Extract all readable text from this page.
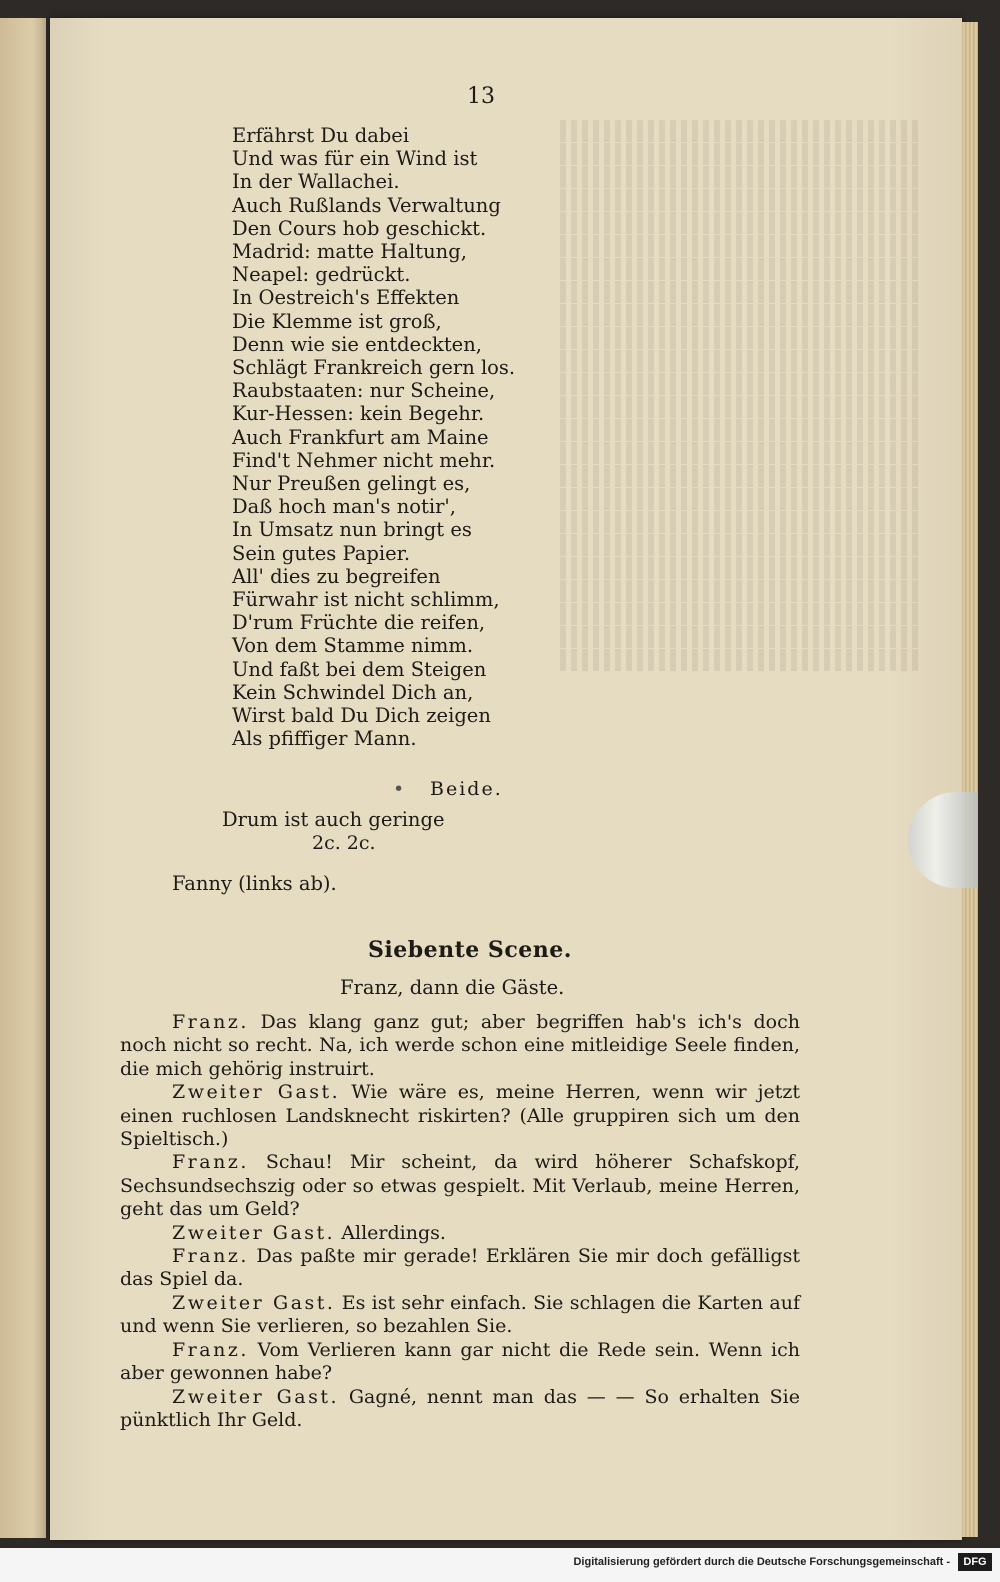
13
Erfährst Du dabei
Und was für ein Wind ist
In der Wallachei.
Auch Rußlands Verwaltung
Den Cours hob geschickt.
Madrid: matte Haltung,
Neapel: gedrückt.
In Oestreich's Effekten
Die Klemme ist groß,
Denn wie sie entdeckten,
Schlägt Frankreich gern los.
Raubstaaten: nur Scheine,
Kur-Hessen: kein Begehr.
Auch Frankfurt am Maine
Find't Nehmer nicht mehr.
Nur Preußen gelingt es,
Daß hoch man's notir',
In Umsatz nun bringt es
Sein gutes Papier.
All' dies zu begreifen
Fürwahr ist nicht schlimm,
D'rum Früchte die reifen,
Von dem Stamme nimm.
Und faßt bei dem Steigen
Kein Schwindel Dich an,
Wirst bald Du Dich zeigen
Als pfiffiger Mann.
• Beide.
Drum ist auch geringe
2c. 2c.
Fanny (links ab).
Siebente Scene.
Franz, dann die Gäste.

Franz. Das klang ganz gut; aber begriffen hab's ich's doch noch nicht so recht. Na, ich werde schon eine mitleidige Seele finden, die mich gehörig instruirt.

Zweiter Gast. Wie wäre es, meine Herren, wenn wir jetzt einen ruchlosen Landsknecht riskirten? (Alle gruppiren sich um den Spieltisch.)

Franz. Schau! Mir scheint, da wird höherer Schafskopf, Sechsundsechszig oder so etwas gespielt. Mit Verlaub, meine Herren, geht das um Geld?

Zweiter Gast. Allerdings.

Franz. Das paßte mir gerade! Erklären Sie mir doch gefälligst das Spiel da.

Zweiter Gast. Es ist sehr einfach. Sie schlagen die Karten auf und wenn Sie verlieren, so bezahlen Sie.

Franz. Vom Verlieren kann gar nicht die Rede sein. Wenn ich aber gewonnen habe?

Zweiter Gast. Gagné, nennt man das — — So erhalten Sie pünktlich Ihr Geld.

Digitalisierung gefördert durch die Deutsche Forschungsgemeinschaft -	DFG
